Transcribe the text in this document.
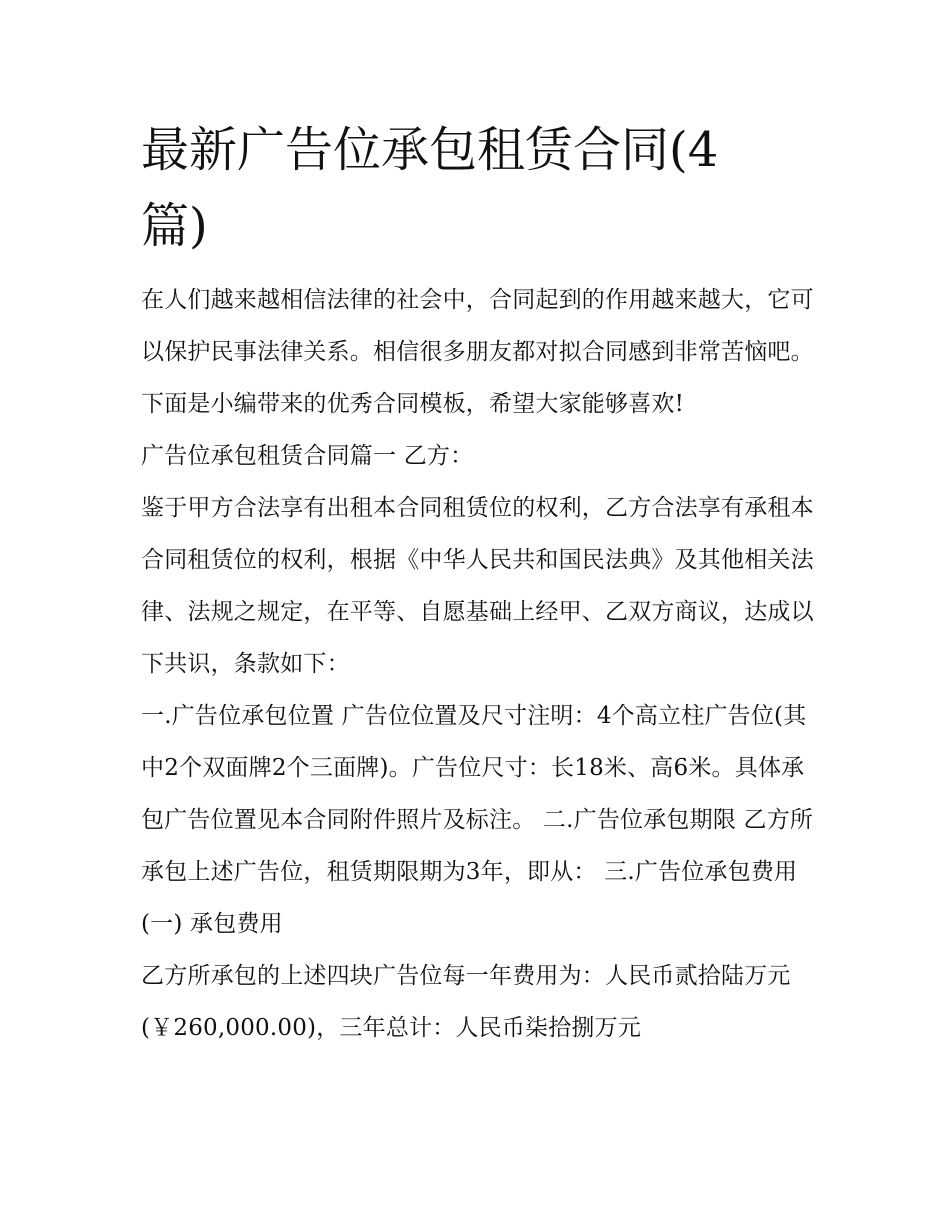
最新广告位承包租赁合同(4篇)

在人们越来越相信法律的社会中，合同起到的作用越来越大，它可以保护民事法律关系。相信很多朋友都对拟合同感到非常苦恼吧。下面是小编带来的优秀合同模板，希望大家能够喜欢!

广告位承包租赁合同篇一 乙方：

鉴于甲方合法享有出租本合同租赁位的权利，乙方合法享有承租本合同租赁位的权利，根据《中华人民共和国民法典》及其他相关法律、法规之规定，在平等、自愿基础上经甲、乙双方商议，达成以下共识，条款如下：

一.广告位承包位置 广告位位置及尺寸注明：4个高立柱广告位(其中2个双面牌2个三面牌)。广告位尺寸：长18米、高6米。具体承包广告位置见本合同附件照片及标注。 二.广告位承包期限 乙方所承包上述广告位，租赁期限期为3年，即从： 三.广告位承包费用 (一) 承包费用

乙方所承包的上述四块广告位每一年费用为：人民币贰拾陆万元(￥260,000.00)，三年总计：人民币柒拾捌万元
